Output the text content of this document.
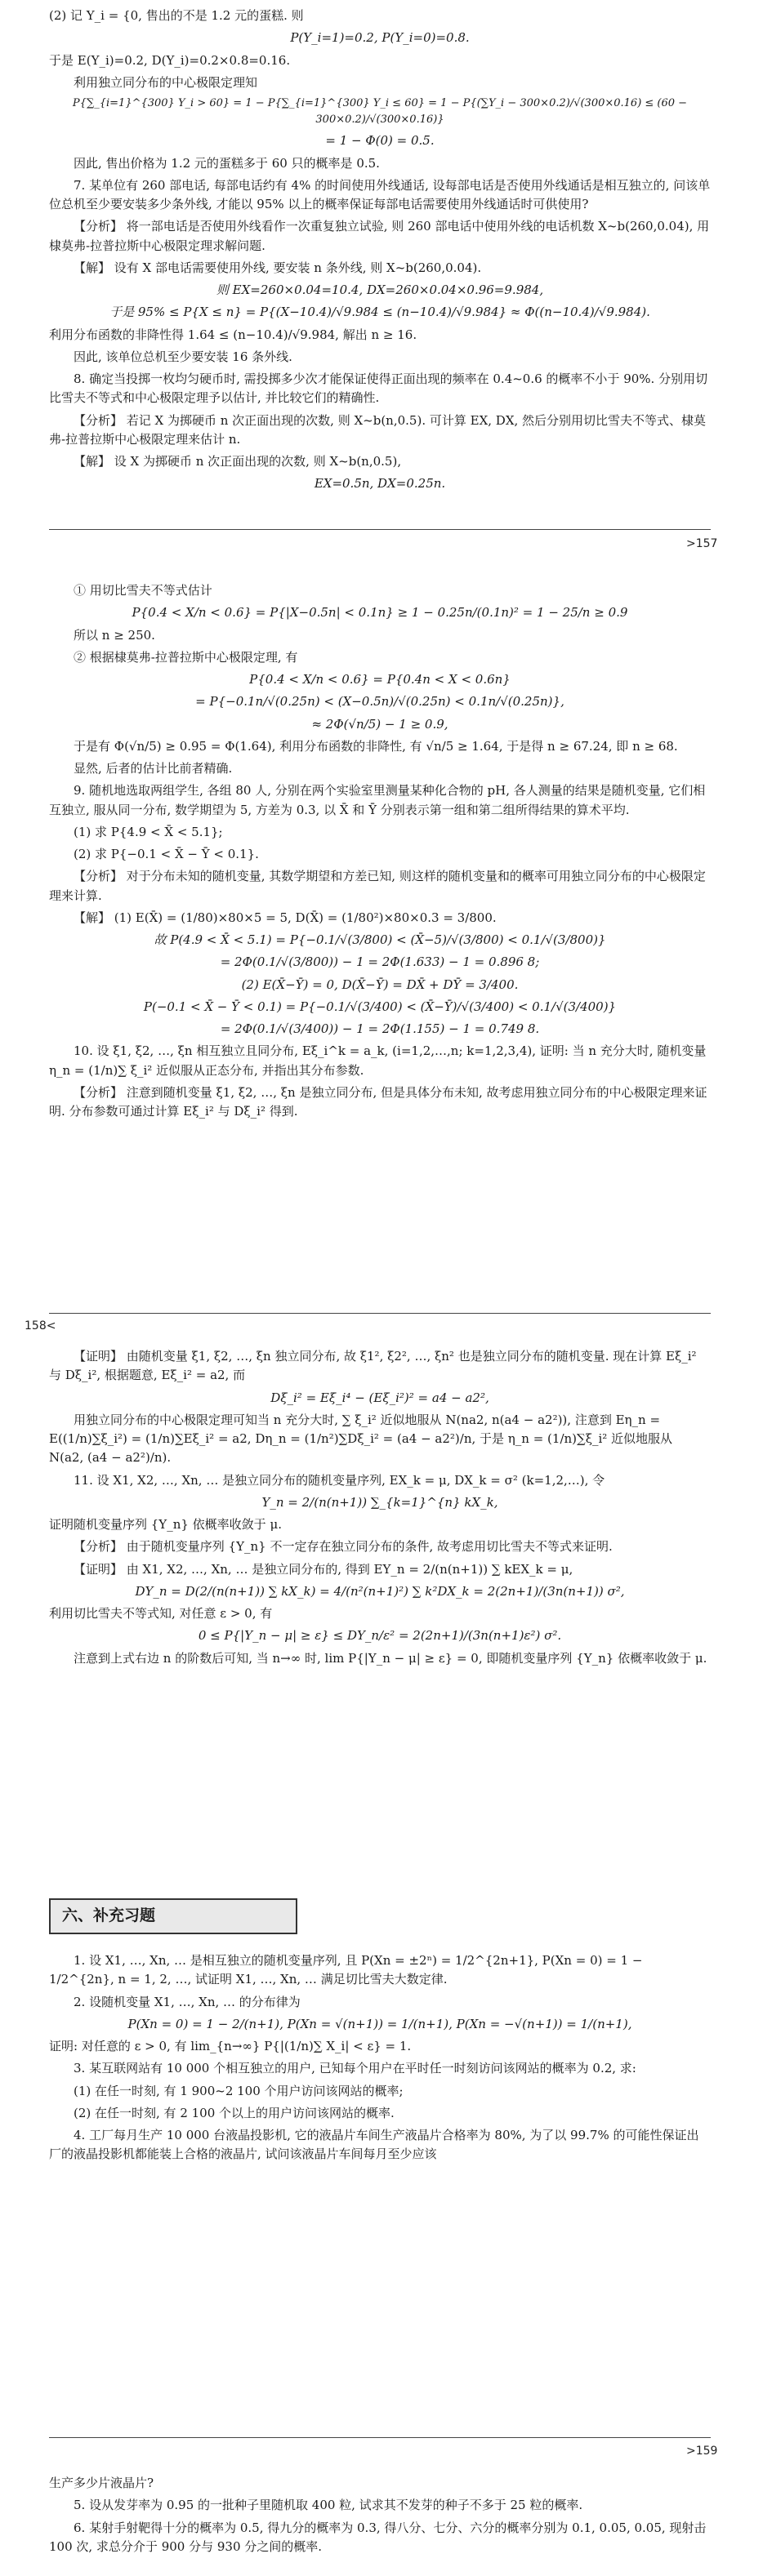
(2) 记 Y_i = {0, 售出的不是 1.2 元的蛋糕. 则
P(Y_i=1)=0.2, P(Y_i=0)=0.8.
于是 E(Y_i)=0.2, D(Y_i)=0.2×0.8=0.16.
利用独立同分布的中心极限定理知
P{∑_{i=1}^{300} Y_i > 60} = 1 − P{∑_{i=1}^{300} Y_i ≤ 60} = 1 − P{(∑Y_i − 300×0.2)/√(300×0.16) ≤ (60 − 300×0.2)/√(300×0.16)}
= 1 − Φ(0) = 0.5.
因此, 售出价格为 1.2 元的蛋糕多于 60 只的概率是 0.5.
7. 某单位有 260 部电话, 每部电话约有 4% 的时间使用外线通话, 设每部电话是否使用外线通话是相互独立的, 问该单位总机至少要安装多少条外线, 才能以 95% 以上的概率保证每部电话需要使用外线通话时可供使用?
【分析】 将一部电话是否使用外线看作一次重复独立试验, 则 260 部电话中使用外线的电话机数 X~b(260,0.04), 用棣莫弗-拉普拉斯中心极限定理求解问题.
【解】 设有 X 部电话需要使用外线, 要安装 n 条外线, 则 X~b(260,0.04).
则 EX=260×0.04=10.4, DX=260×0.04×0.96=9.984,
于是 95% ≤ P{X ≤ n} = P{(X−10.4)/√9.984 ≤ (n−10.4)/√9.984} ≈ Φ((n−10.4)/√9.984).
利用分布函数的非降性得 1.64 ≤ (n−10.4)/√9.984, 解出 n ≥ 16.
因此, 该单位总机至少要安装 16 条外线.
8. 确定当投掷一枚均匀硬币时, 需投掷多少次才能保证使得正面出现的频率在 0.4~0.6 的概率不小于 90%. 分别用切比雪夫不等式和中心极限定理予以估计, 并比较它们的精确性.
【分析】 若记 X 为掷硬币 n 次正面出现的次数, 则 X~b(n,0.5). 可计算 EX, DX, 然后分别用切比雪夫不等式、棣莫弗-拉普拉斯中心极限定理来估计 n.
【解】 设 X 为掷硬币 n 次正面出现的次数, 则 X~b(n,0.5),
EX=0.5n, DX=0.25n.
>157
① 用切比雪夫不等式估计
P{0.4 < X/n < 0.6} = P{|X−0.5n| < 0.1n} ≥ 1 − 0.25n/(0.1n)² = 1 − 25/n ≥ 0.9
所以 n ≥ 250.
② 根据棣莫弗-拉普拉斯中心极限定理, 有
P{0.4 < X/n < 0.6} = P{0.4n < X < 0.6n}
= P{−0.1n/√(0.25n) < (X−0.5n)/√(0.25n) < 0.1n/√(0.25n)},
≈ 2Φ(√n/5) − 1 ≥ 0.9,
于是有 Φ(√n/5) ≥ 0.95 = Φ(1.64), 利用分布函数的非降性, 有 √n/5 ≥ 1.64, 于是得 n ≥ 67.24, 即 n ≥ 68.
显然, 后者的估计比前者精确.
9. 随机地选取两组学生, 各组 80 人, 分别在两个实验室里测量某种化合物的 pH, 各人测量的结果是随机变量, 它们相互独立, 服从同一分布, 数学期望为 5, 方差为 0.3, 以 X̄ 和 Ȳ 分别表示第一组和第二组所得结果的算术平均.
(1) 求 P{4.9 < X̄ < 5.1};
(2) 求 P{−0.1 < X̄ − Ȳ < 0.1}.
【分析】 对于分布未知的随机变量, 其数学期望和方差已知, 则这样的随机变量和的概率可用独立同分布的中心极限定理来计算.
【解】 (1) E(X̄) = (1/80)×80×5 = 5, D(X̄) = (1/80²)×80×0.3 = 3/800.
故 P(4.9 < X̄ < 5.1) = P{−0.1/√(3/800) < (X̄−5)/√(3/800) < 0.1/√(3/800)}
= 2Φ(0.1/√(3/800)) − 1 = 2Φ(1.633) − 1 = 0.896 8;
(2) E(X̄−Ȳ) = 0, D(X̄−Ȳ) = DX̄ + DȲ = 3/400.
P(−0.1 < X̄ − Ȳ < 0.1) = P{−0.1/√(3/400) < (X̄−Ȳ)/√(3/400) < 0.1/√(3/400)}
= 2Φ(0.1/√(3/400)) − 1 = 2Φ(1.155) − 1 = 0.749 8.
10. 设 ξ1, ξ2, …, ξn 相互独立且同分布, Eξ_i^k = a_k, (i=1,2,…,n; k=1,2,3,4), 证明: 当 n 充分大时, 随机变量 η_n = (1/n)∑ ξ_i² 近似服从正态分布, 并指出其分布参数.
【分析】 注意到随机变量 ξ1, ξ2, …, ξn 是独立同分布, 但是具体分布未知, 故考虑用独立同分布的中心极限定理来证明. 分布参数可通过计算 Eξ_i² 与 Dξ_i² 得到.
158<
【证明】 由随机变量 ξ1, ξ2, …, ξn 独立同分布, 故 ξ1², ξ2², …, ξn² 也是独立同分布的随机变量. 现在计算 Eξ_i² 与 Dξ_i², 根据题意, Eξ_i² = a2, 而
Dξ_i² = Eξ_i⁴ − (Eξ_i²)² = a4 − a2²,
用独立同分布的中心极限定理可知当 n 充分大时, ∑ ξ_i² 近似地服从 N(na2, n(a4 − a2²)), 注意到 Eη_n = E((1/n)∑ξ_i²) = (1/n)∑Eξ_i² = a2, Dη_n = (1/n²)∑Dξ_i² = (a4 − a2²)/n, 于是 η_n = (1/n)∑ξ_i² 近似地服从 N(a2, (a4 − a2²)/n).
11. 设 X1, X2, …, Xn, … 是独立同分布的随机变量序列, EX_k = μ, DX_k = σ² (k=1,2,…), 令
Y_n = 2/(n(n+1)) ∑_{k=1}^{n} kX_k,
证明随机变量序列 {Y_n} 依概率收敛于 μ.
【分析】 由于随机变量序列 {Y_n} 不一定存在独立同分布的条件, 故考虑用切比雪夫不等式来证明.
【证明】 由 X1, X2, …, Xn, … 是独立同分布的, 得到 EY_n = 2/(n(n+1)) ∑ kEX_k = μ,
DY_n = D(2/(n(n+1)) ∑ kX_k) = 4/(n²(n+1)²) ∑ k²DX_k = 2(2n+1)/(3n(n+1)) σ²,
利用切比雪夫不等式知, 对任意 ε > 0, 有
0 ≤ P{|Y_n − μ| ≥ ε} ≤ DY_n/ε² = 2(2n+1)/(3n(n+1)ε²) σ².
注意到上式右边 n 的阶数后可知, 当 n→∞ 时, lim P{|Y_n − μ| ≥ ε} = 0, 即随机变量序列 {Y_n} 依概率收敛于 μ.
六、补充习题
1. 设 X1, …, Xn, … 是相互独立的随机变量序列, 且 P(Xn = ±2ⁿ) = 1/2^{2n+1}, P(Xn = 0) = 1 − 1/2^{2n}, n = 1, 2, …, 试证明 X1, …, Xn, … 满足切比雪夫大数定律.
2. 设随机变量 X1, …, Xn, … 的分布律为
P(Xn = 0) = 1 − 2/(n+1), P(Xn = √(n+1)) = 1/(n+1), P(Xn = −√(n+1)) = 1/(n+1),
证明: 对任意的 ε > 0, 有 lim_{n→∞} P{|(1/n)∑ X_i| < ε} = 1.
3. 某互联网站有 10 000 个相互独立的用户, 已知每个用户在平时任一时刻访问该网站的概率为 0.2, 求:
(1) 在任一时刻, 有 1 900~2 100 个用户访问该网站的概率;
(2) 在任一时刻, 有 2 100 个以上的用户访问该网站的概率.
4. 工厂每月生产 10 000 台液晶投影机, 它的液晶片车间生产液晶片合格率为 80%, 为了以 99.7% 的可能性保证出厂的液晶投影机都能装上合格的液晶片, 试问该液晶片车间每月至少应该
>159
生产多少片液晶片?
5. 设从发芽率为 0.95 的一批种子里随机取 400 粒, 试求其不发芽的种子不多于 25 粒的概率.
6. 某射手射靶得十分的概率为 0.5, 得九分的概率为 0.3, 得八分、七分、六分的概率分别为 0.1, 0.05, 0.05, 现射击 100 次, 求总分介于 900 分与 930 分之间的概率.
